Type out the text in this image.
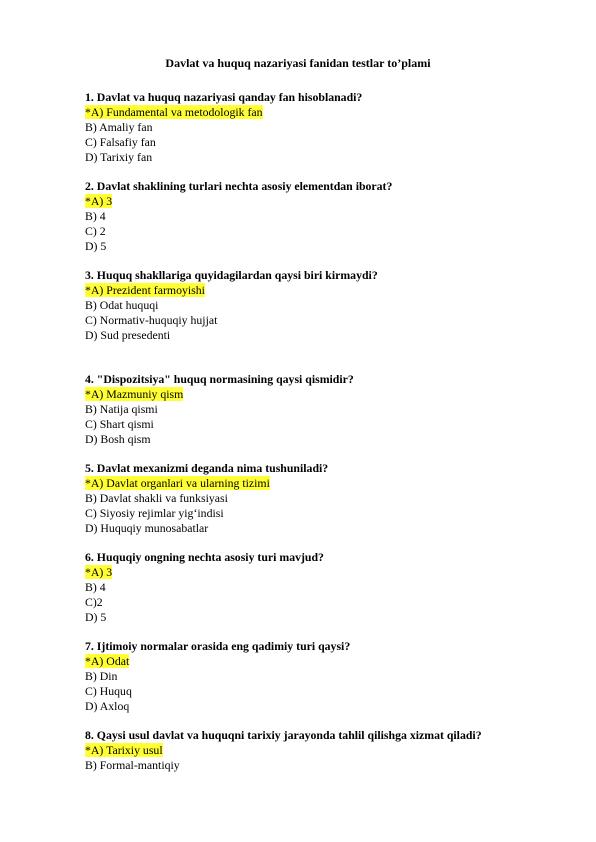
Davlat va huquq nazariyasi fanidan testlar to’plami
1. Davlat va huquq nazariyasi qanday fan hisoblanadi?
*A) Fundamental va metodologik fan
B) Amaliy fan
C) Falsafiy fan
D) Tarixiy fan
2. Davlat shaklining turlari nechta asosiy elementdan iborat?
*A) 3
B) 4
C) 2
D) 5
3. Huquq shakllariga quyidagilardan qaysi biri kirmaydi?
*A) Prezident farmoyishi
B) Odat huquqi
C) Normativ-huquqiy hujjat
D) Sud presedenti
4. "Dispozitsiya" huquq normasining qaysi qismidir?
*A) Mazmuniy qism
B) Natija qismi
C) Shart qismi
D) Bosh qism
5. Davlat mexanizmi deganda nima tushuniladi?
*A) Davlat organlari va ularning tizimi
B) Davlat shakli va funksiyasi
C) Siyosiy rejimlar yig‘indisi
D) Huquqiy munosabatlar
6. Huquqiy ongning nechta asosiy turi mavjud?
*A) 3
B) 4
C)2
D) 5
7. Ijtimoiy normalar orasida eng qadimiy turi qaysi?
*A) Odat
B) Din
C) Huquq
D) Axloq
8. Qaysi usul davlat va huquqni tarixiy jarayonda tahlil qilishga xizmat qiladi?
*A) Tarixiy usul
B) Formal-mantiqiy
